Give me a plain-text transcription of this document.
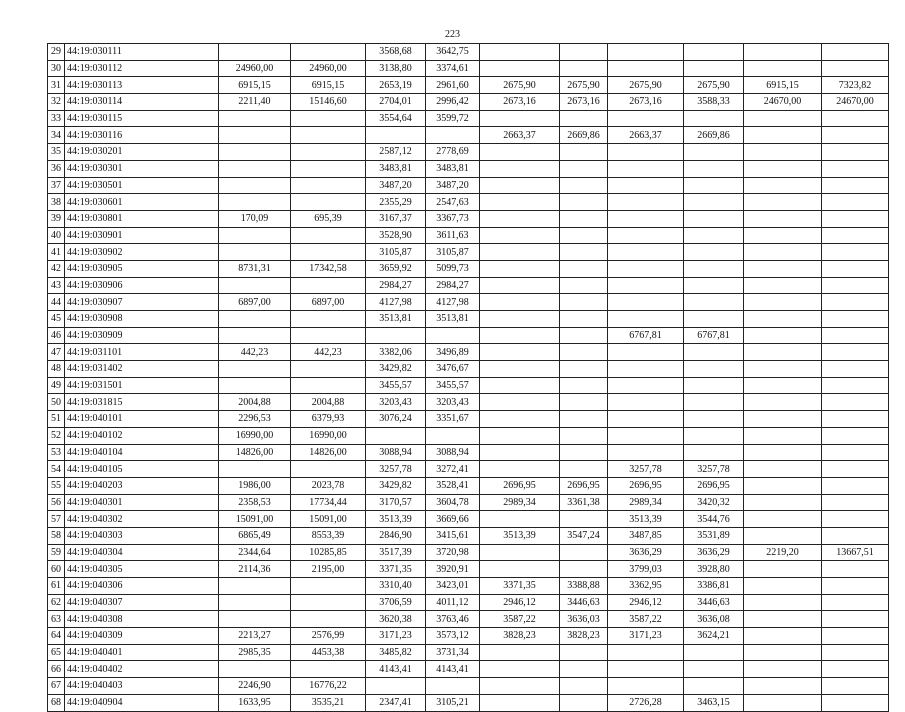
223
29	44:19:030111			3568,68	3642,75						
30	44:19:030112	24960,00	24960,00	3138,80	3374,61						
31	44:19:030113	6915,15	6915,15	2653,19	2961,60	2675,90	2675,90	2675,90	2675,90	6915,15	7323,82
32	44:19:030114	2211,40	15146,60	2704,01	2996,42	2673,16	2673,16	2673,16	3588,33	24670,00	24670,00
33	44:19:030115			3554,64	3599,72						
34	44:19:030116					2663,37	2669,86	2663,37	2669,86		
35	44:19:030201			2587,12	2778,69						
36	44:19:030301			3483,81	3483,81						
37	44:19:030501			3487,20	3487,20						
38	44:19:030601			2355,29	2547,63						
39	44:19:030801	170,09	695,39	3167,37	3367,73						
40	44:19:030901			3528,90	3611,63						
41	44:19:030902			3105,87	3105,87						
42	44:19:030905	8731,31	17342,58	3659,92	5099,73						
43	44:19:030906			2984,27	2984,27						
44	44:19:030907	6897,00	6897,00	4127,98	4127,98						
45	44:19:030908			3513,81	3513,81						
46	44:19:030909							6767,81	6767,81		
47	44:19:031101	442,23	442,23	3382,06	3496,89						
48	44:19:031402			3429,82	3476,67						
49	44:19:031501			3455,57	3455,57						
50	44:19:031815	2004,88	2004,88	3203,43	3203,43						
51	44:19:040101	2296,53	6379,93	3076,24	3351,67						
52	44:19:040102	16990,00	16990,00								
53	44:19:040104	14826,00	14826,00	3088,94	3088,94						
54	44:19:040105			3257,78	3272,41			3257,78	3257,78		
55	44:19:040203	1986,00	2023,78	3429,82	3528,41	2696,95	2696,95	2696,95	2696,95		
56	44:19:040301	2358,53	17734,44	3170,57	3604,78	2989,34	3361,38	2989,34	3420,32		
57	44:19:040302	15091,00	15091,00	3513,39	3669,66			3513,39	3544,76		
58	44:19:040303	6865,49	8553,39	2846,90	3415,61	3513,39	3547,24	3487,85	3531,89		
59	44:19:040304	2344,64	10285,85	3517,39	3720,98			3636,29	3636,29	2219,20	13667,51
60	44:19:040305	2114,36	2195,00	3371,35	3920,91			3799,03	3928,80		
61	44:19:040306			3310,40	3423,01	3371,35	3388,88	3362,95	3386,81		
62	44:19:040307			3706,59	4011,12	2946,12	3446,63	2946,12	3446,63		
63	44:19:040308			3620,38	3763,46	3587,22	3636,03	3587,22	3636,08		
64	44:19:040309	2213,27	2576,99	3171,23	3573,12	3828,23	3828,23	3171,23	3624,21		
65	44:19:040401	2985,35	4453,38	3485,82	3731,34						
66	44:19:040402			4143,41	4143,41						
67	44:19:040403	2246,90	16776,22								
68	44:19:040904	1633,95	3535,21	2347,41	3105,21			2726,28	3463,15		
